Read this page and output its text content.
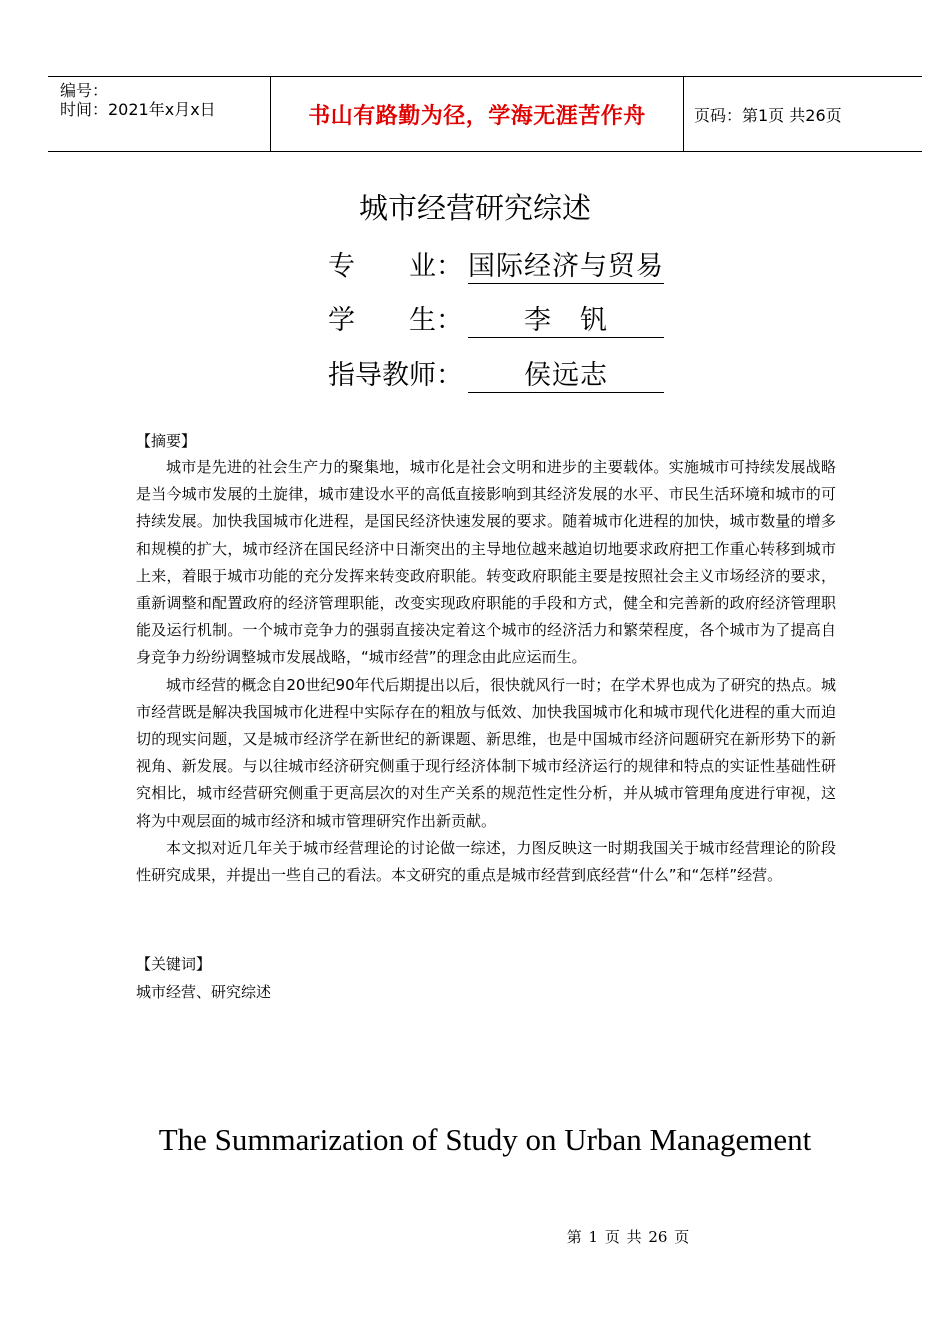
编号：
时间：2021年x月x日	书山有路勤为径，学海无涯苦作舟	页码：第1页 共26页
城市经营研究综述
专　　业： 国际经济与贸易
学　　生：	李　钒
指导教师：	侯远志
【摘要】

城市是先进的社会生产力的聚集地，城市化是社会文明和进步的主要载体。实施城市可持续发展战略是当今城市发展的土旋律，城市建设水平的高低直接影响到其经济发展的水平、市民生活环境和城市的可持续发展。加快我国城市化进程，是国民经济快速发展的要求。随着城市化进程的加快，城市数量的增多和规模的扩大，城市经济在国民经济中日渐突出的主导地位越来越迫切地要求政府把工作重心转移到城市上来，着眼于城市功能的充分发挥来转变政府职能。转变政府职能主要是按照社会主义市场经济的要求，重新调整和配置政府的经济管理职能，改变实现政府职能的手段和方式，健全和完善新的政府经济管理职能及运行机制。一个城市竞争力的强弱直接决定着这个城市的经济活力和繁荣程度，各个城市为了提高自身竞争力纷纷调整城市发展战略，“城市经营”的理念由此应运而生。

城市经营的概念自20世纪90年代后期提出以后，很快就风行一时；在学术界也成为了研究的热点。城市经营既是解决我国城市化进程中实际存在的粗放与低效、加快我国城市化和城市现代化进程的重大而迫切的现实问题，又是城市经济学在新世纪的新课题、新思维，也是中国城市经济问题研究在新形势下的新视角、新发展。与以往城市经济研究侧重于现行经济体制下城市经济运行的规律和特点的实证性基础性研究相比，城市经营研究侧重于更高层次的对生产关系的规范性定性分析，并从城市管理角度进行审视，这将为中观层面的城市经济和城市管理研究作出新贡献。

本文拟对近几年关于城市经营理论的讨论做一综述，力图反映这一时期我国关于城市经营理论的阶段性研究成果，并提出一些自己的看法。本文研究的重点是城市经营到底经营“什么”和“怎样”经营。

【关键词】
城市经营、研究综述
The Summarization of Study on Urban Management
第 1 页 共 26 页
